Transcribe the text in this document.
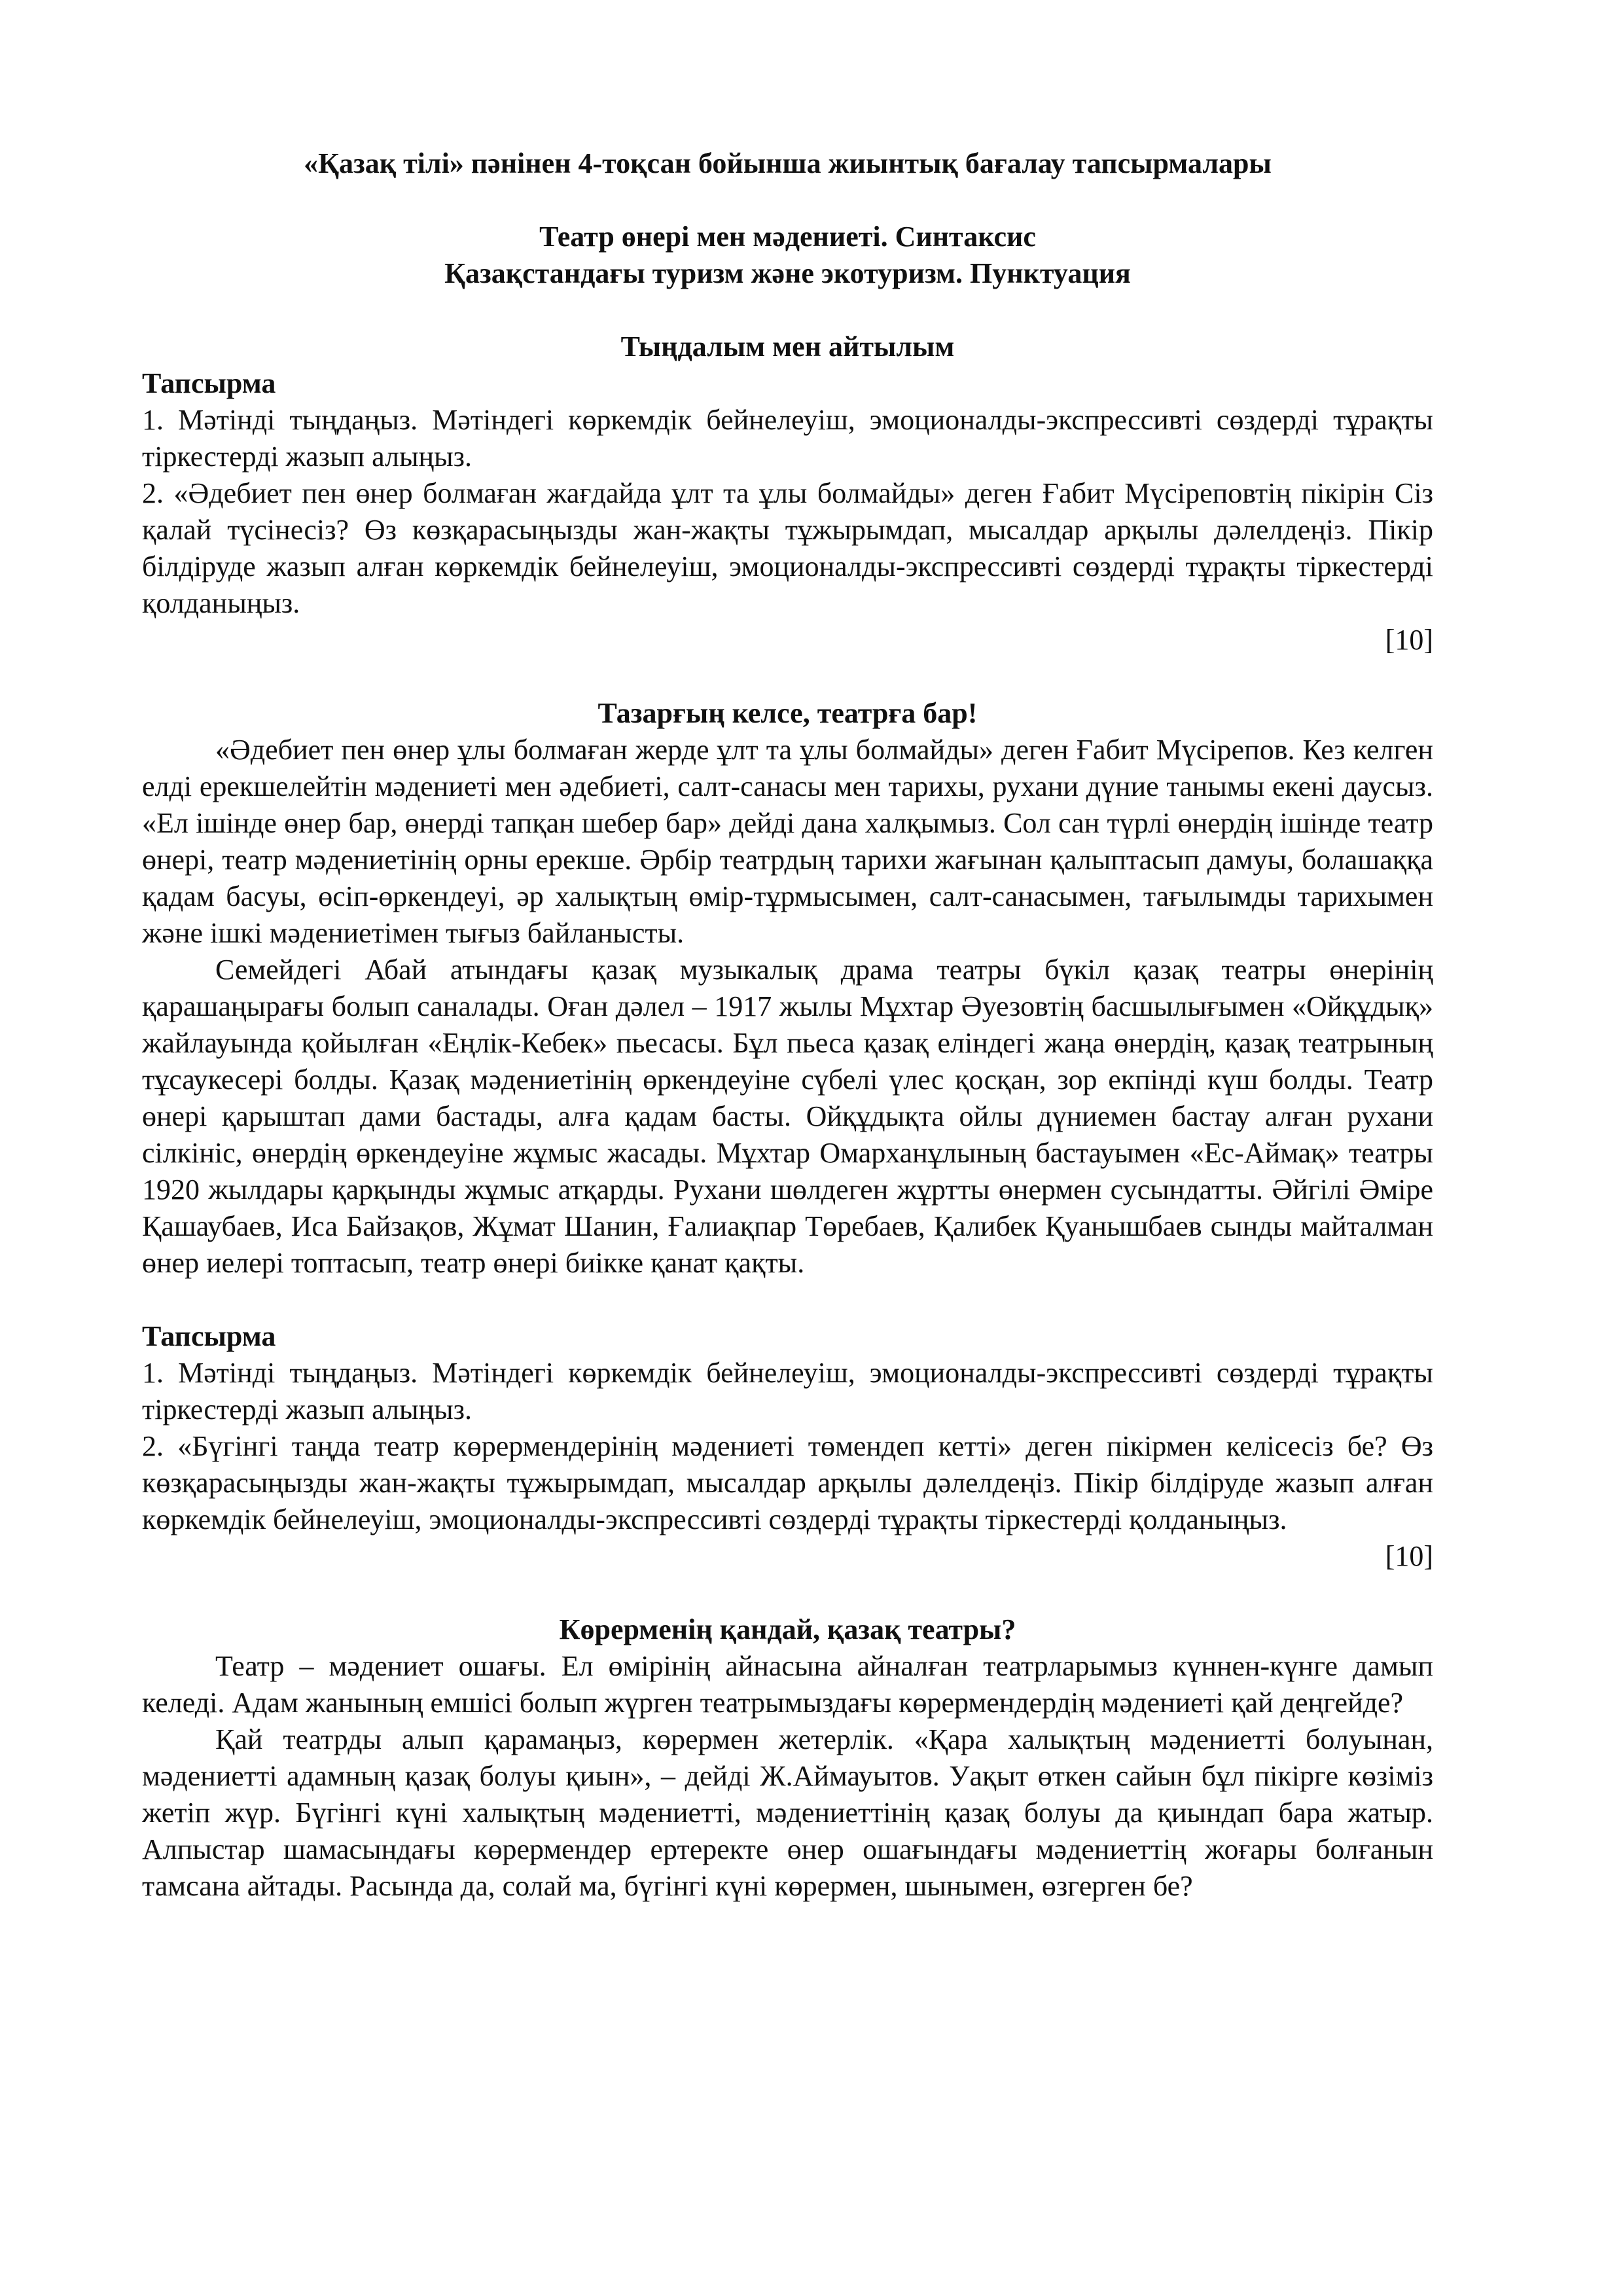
«Қазақ тілі» пәнінен 4-тоқсан бойынша жиынтық бағалау тапсырмалары

Театр өнері мен мәдениеті. Синтаксис

Қазақстандағы туризм және экотуризм. Пунктуация

Тыңдалым мен айтылым

Тапсырма

1. Мәтінді тыңдаңыз. Мәтіндегі көркемдік бейнелеуіш, эмоционалды-экспрессивті сөздерді тұрақты тіркестерді жазып алыңыз.

2. «Әдебиет пен өнер болмаған жағдайда ұлт та ұлы болмайды» деген Ғабит Мүсіреповтің пікірін Сіз қалай түсінесіз? Өз көзқарасыңызды жан-жақты тұжырымдап, мысалдар арқылы дәлелдеңіз. Пікір білдіруде жазып алған көркемдік бейнелеуіш, эмоционалды-экспрессивті сөздерді тұрақты тіркестерді қолданыңыз.

[10]

Тазарғың келсе, театрға бар!

«Әдебиет пен өнер ұлы болмаған жерде ұлт та ұлы болмайды» деген Ғабит Мүсірепов. Кез келген елді ерекшелейтін мәдениеті мен әдебиеті, салт-санасы мен тарихы, рухани дүние танымы екені даусыз. «Ел ішінде өнер бар, өнерді тапқан шебер бар» дейді дана халқымыз. Сол сан түрлі өнердің ішінде театр өнері, театр мәдениетінің орны ерекше. Әрбір театрдың тарихи жағынан қалыптасып дамуы, болашаққа қадам басуы, өсіп-өркендеуі, әр халықтың өмір-тұрмысымен, салт-санасымен, тағылымды тарихымен және ішкі мәдениетімен тығыз байланысты.

Семейдегі Абай атындағы қазақ музыкалық драма театры бүкіл қазақ театры өнерінің қарашаңырағы болып саналады. Оған дәлел – 1917 жылы Мұхтар Әуезовтің басшылығымен «Ойқұдық» жайлауында қойылған «Еңлік-Кебек» пьесасы. Бұл пьеса қазақ еліндегі жаңа өнердің, қазақ театрының тұсаукесері болды. Қазақ мәдениетінің өркендеуіне сүбелі үлес қосқан, зор екпінді күш болды. Театр өнері қарыштап дами бастады, алға қадам басты. Ойқұдықта ойлы дүниемен бастау алған рухани сілкініс, өнердің өркендеуіне жұмыс жасады. Мұхтар Омарханұлының бастауымен «Ес-Аймақ» театры 1920 жылдары қарқынды жұмыс атқарды. Рухани шөлдеген жұртты өнермен сусындатты. Әйгілі Әміре Қашаубаев, Иса Байзақов, Жұмат Шанин, Ғалиақпар Төребаев, Қалибек Қуанышбаев сынды майталман өнер иелері топтасып, театр өнері биікке қанат қақты.

Тапсырма

1. Мәтінді тыңдаңыз. Мәтіндегі көркемдік бейнелеуіш, эмоционалды-экспрессивті сөздерді тұрақты тіркестерді жазып алыңыз.

2. «Бүгінгі таңда театр көрермендерінің мәдениеті төмендеп кетті» деген пікірмен келісесіз бе? Өз көзқарасыңызды жан-жақты тұжырымдап, мысалдар арқылы дәлелдеңіз. Пікір білдіруде жазып алған көркемдік бейнелеуіш, эмоционалды-экспрессивті сөздерді тұрақты тіркестерді қолданыңыз.

[10]

Көрерменің қандай, қазақ театры?

Театр – мәдениет ошағы. Ел өмірінің айнасына айналған театрларымыз күннен-күнге дамып келеді. Адам жанының емшісі болып жүрген театрымыздағы көрермендердің мәдениеті қай деңгейде?

Қай театрды алып қарамаңыз, көрермен жетерлік. «Қара халықтың мәдениетті болуынан, мәдениетті адамның қазақ болуы қиын», – дейді Ж.Аймауытов. Уақыт өткен сайын бұл пікірге көзіміз жетіп жүр. Бүгінгі күні халықтың мәдениетті, мәдениеттінің қазақ болуы да қиындап бара жатыр. Алпыстар шамасындағы көрермендер ертеректе өнер ошағындағы мәдениеттің жоғары болғанын тамсана айтады. Расында да, солай ма, бүгінгі күні көрермен, шынымен, өзгерген бе?
